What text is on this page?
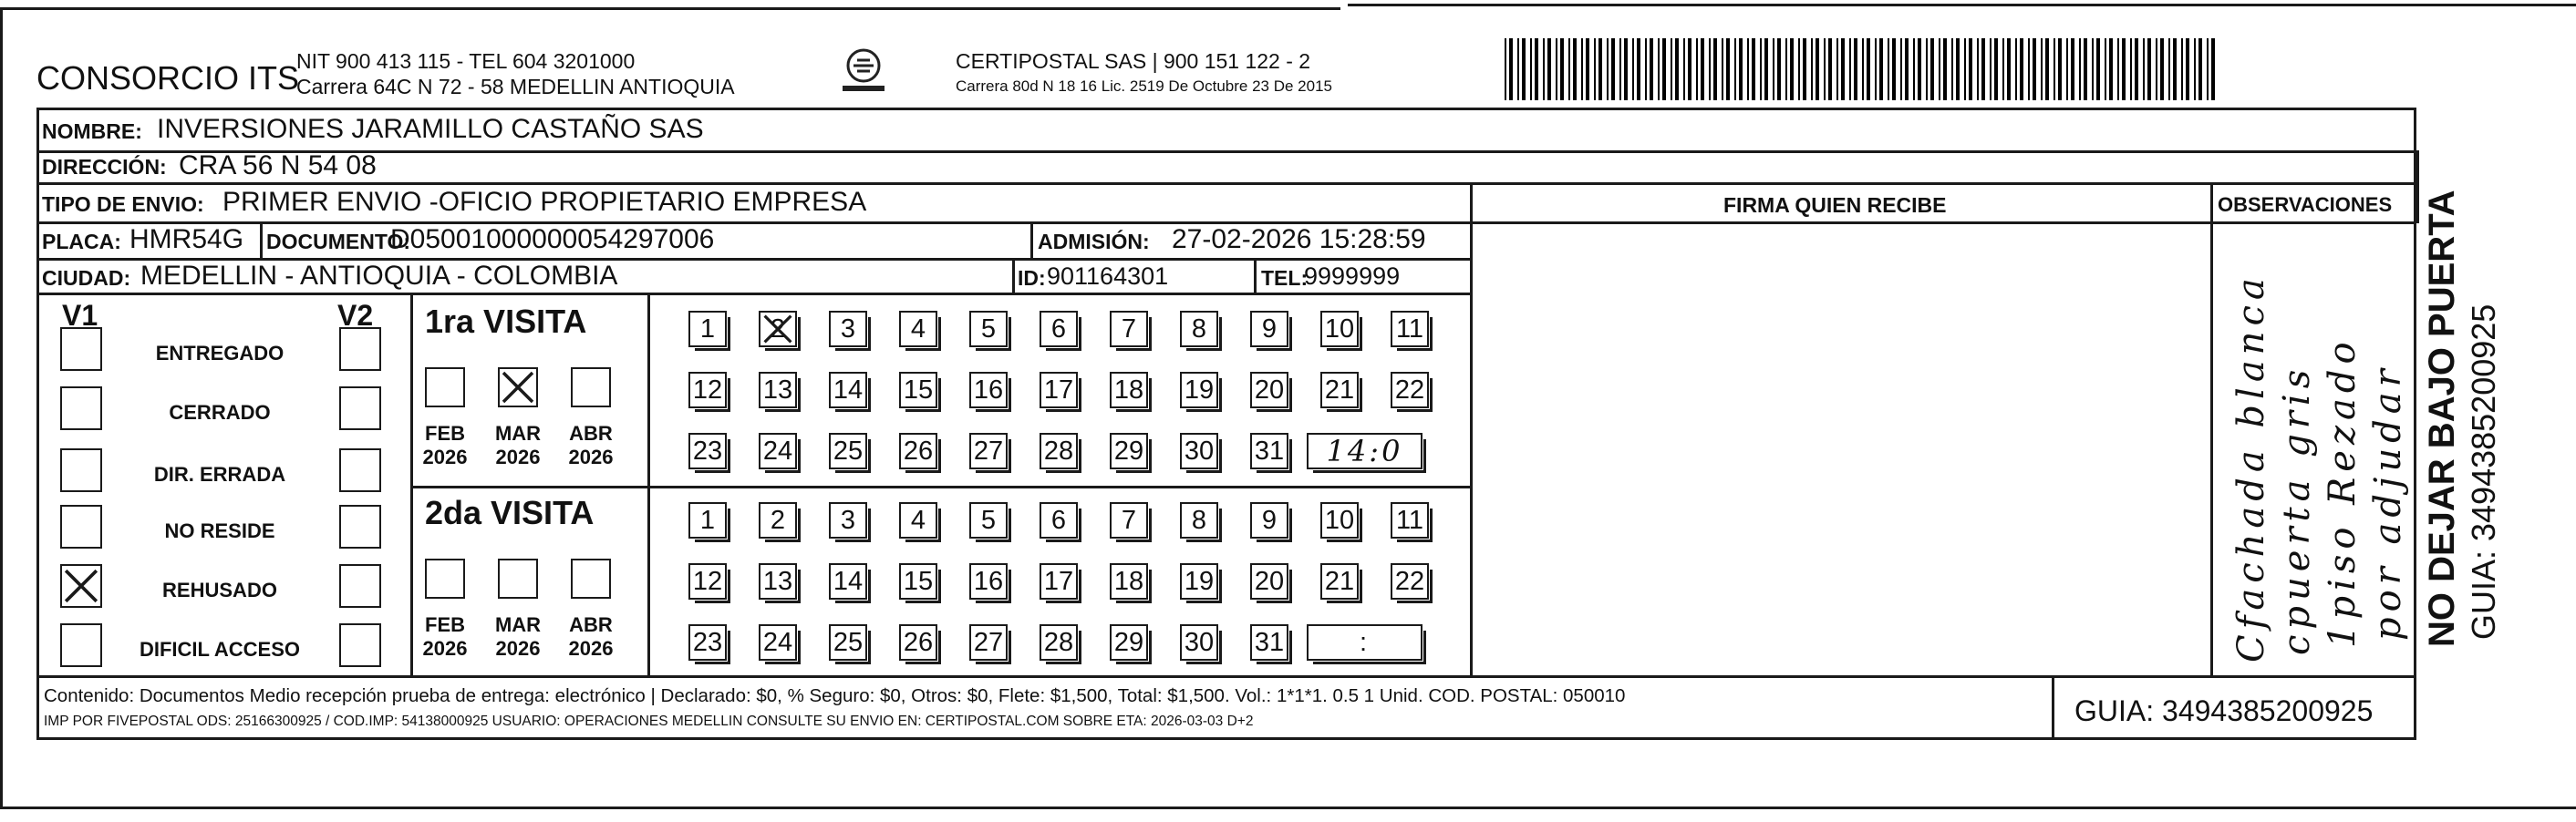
CONSORCIO ITS
NIT 900 413 115 - TEL 604 3201000
Carrera 64C N 72 - 58 MEDELLIN ANTIOQUIA
CERTIPOSTAL SAS | 900 151 122 - 2
Carrera 80d N 18 16 Lic. 2519 De Octubre 23 De 2015
NOMBRE: INVERSIONES JARAMILLO CASTAÑO SAS
DIRECCIÓN: CRA 56 N 54 08
TIPO DE ENVIO: PRIMER ENVIO -OFICIO PROPIETARIO EMPRESA	FIRMA QUIEN RECIBE	OBSERVACIONES
PLACA: HMR54G DOCUMENTO:
D05001000000054297006	ADMISIÓN: 27-02-2026 15:28:59
CIUDAD: MEDELLIN - ANTIOQUIA - COLOMBIA	ID: 901164301	TEL:
9999999
V1	V2
ENTREGADO
CERRADO
DIR. ERRADA
NO RESIDE
REHUSADO
DIFICIL ACCESO
1ra VISITA
FEB
2026
MAR
2026
ABR
2026
1	2	3	4	5	6	7	8	9	10 11
12 13 14 15 16 17 18 19 20 21 22
23 24 25 26 27 28 29 30 31	14:0
2da VISITA
FEB
2026
MAR
2026
ABR
2026
1	2	3	4	5	6	7	8	9	10 11
12 13 14 15 16 17 18 19 20 21 22
23 24 25 26 27 28 29 30 31	:	Cfachada blanca cpuerta gris 1piso Rezado por adjudar
Contenido: Documentos Medio recepción prueba de entrega: electrónico | Declarado: $0, % Seguro: $0, Otros: $0, Flete: $1,500, Total: $1,500. Vol.: 1*1*1. 0.5 1 Unid. COD. POSTAL: 050010
IMP POR FIVEPOSTAL ODS: 25166300925 / COD.IMP: 54138000925 USUARIO: OPERACIONES MEDELLIN CONSULTE SU ENVIO EN: CERTIPOSTAL.COM SOBRE ETA: 2026-03-03 D+2	GUIA: 3494385200925
NO DEJAR BAJO PUERTA GUIA: 3494385200925
